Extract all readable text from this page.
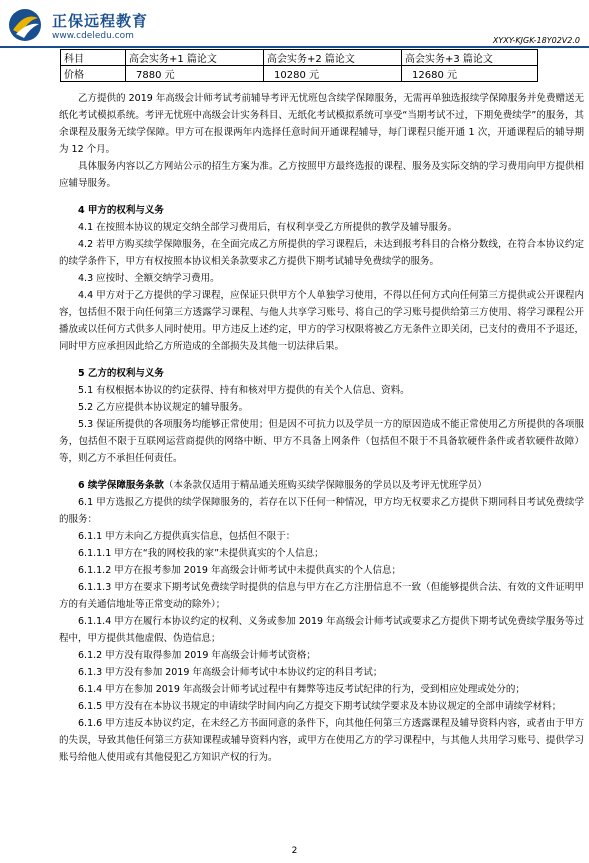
正保远程教育
www.cdeledu.com	XYXY-KJGK-18Y02V2.0
科目	高会实务+1 篇论文	高会实务+2 篇论文	高会实务+3 篇论文
价格	7880 元	10280 元	12680 元

乙方提供的 2019 年高级会计师考试考前辅导考评无忧班包含续学保障服务，无需再单独选报续学保障服务并免费赠送无纸化考试模拟系统。考评无忧班中高级会计实务科目、无纸化考试模拟系统可享受“当期考试不过，下期免费续学”的服务，其余课程及服务无续学保障。甲方可在报课两年内选择任意时间开通课程辅导，每门课程只能开通 1 次，开通课程后的辅导期为 12 个月。

具体服务内容以乙方网站公示的招生方案为准。乙方按照甲方最终选报的课程、服务及实际交纳的学习费用向甲方提供相应辅导服务。

4 甲方的权利与义务

4.1 在按照本协议的规定交纳全部学习费用后，有权利享受乙方所提供的教学及辅导服务。

4.2 若甲方购买续学保障服务，在全面完成乙方所提供的学习课程后，未达到报考科目的合格分数线，在符合本协议约定的续学条件下，甲方有权按照本协议相关条款要求乙方提供下期考试辅导免费续学的服务。

4.3 应按时、全额交纳学习费用。

4.4 甲方对于乙方提供的学习课程，应保证只供甲方个人单独学习使用，不得以任何方式向任何第三方提供或公开课程内容，包括但不限于向任何第三方透露学习课程、与他人共享学习账号、将自己的学习账号提供给第三方使用、将学习课程公开播放或以任何方式供多人同时使用。甲方违反上述约定，甲方的学习权限将被乙方无条件立即关闭，已支付的费用不予退还，同时甲方应承担因此给乙方所造成的全部损失及其他一切法律后果。

5 乙方的权利与义务

5.1 有权根据本协议的约定获得、持有和核对甲方提供的有关个人信息、资料。

5.2 乙方应提供本协议规定的辅导服务。

5.3 保证所提供的各项服务均能够正常使用；但是因不可抗力以及学员一方的原因造成不能正常使用乙方所提供的各项服务，包括但不限于互联网运营商提供的网络中断、甲方不具备上网条件（包括但不限于不具备软硬件条件或者软硬件故障）等，则乙方不承担任何责任。

6 续学保障服务条款（本条款仅适用于精品通关班购买续学保障服务的学员以及考评无忧班学员）

6.1 甲方选报乙方提供的续学保障服务的，若存在以下任何一种情况，甲方均无权要求乙方提供下期同科目考试免费续学的服务：

6.1.1 甲方未向乙方提供真实信息，包括但不限于：

6.1.1.1 甲方在“我的网校我的家”未提供真实的个人信息；

6.1.1.2 甲方在报考参加 2019 年高级会计师考试中未提供真实的个人信息；

6.1.1.3 甲方在要求下期考试免费续学时提供的信息与甲方在乙方注册信息不一致（但能够提供合法、有效的文件证明甲方的有关通信地址等正常变动的除外）；

6.1.1.4 甲方在履行本协议约定的权利、义务或参加 2019 年高级会计师考试或要求乙方提供下期考试免费续学服务等过程中，甲方提供其他虚假、伪造信息；

6.1.2 甲方没有取得参加 2019 年高级会计师考试资格；

6.1.3 甲方没有参加 2019 年高级会计师考试中本协议约定的科目考试；

6.1.4 甲方在参加 2019 年高级会计师考试过程中有舞弊等违反考试纪律的行为，受到相应处理或处分的；

6.1.5 甲方没有在本协议书规定的申请续学时间内向乙方提交下期考试续学要求及本协议规定的全部申请续学材料；

6.1.6 甲方违反本协议约定，在未经乙方书面同意的条件下，向其他任何第三方透露课程及辅导资料内容，或者由于甲方的失误，导致其他任何第三方获知课程或辅导资料内容，或甲方在使用乙方的学习课程中，与其他人共用学习账号、提供学习账号给他人使用或有其他侵犯乙方知识产权的行为。

2
